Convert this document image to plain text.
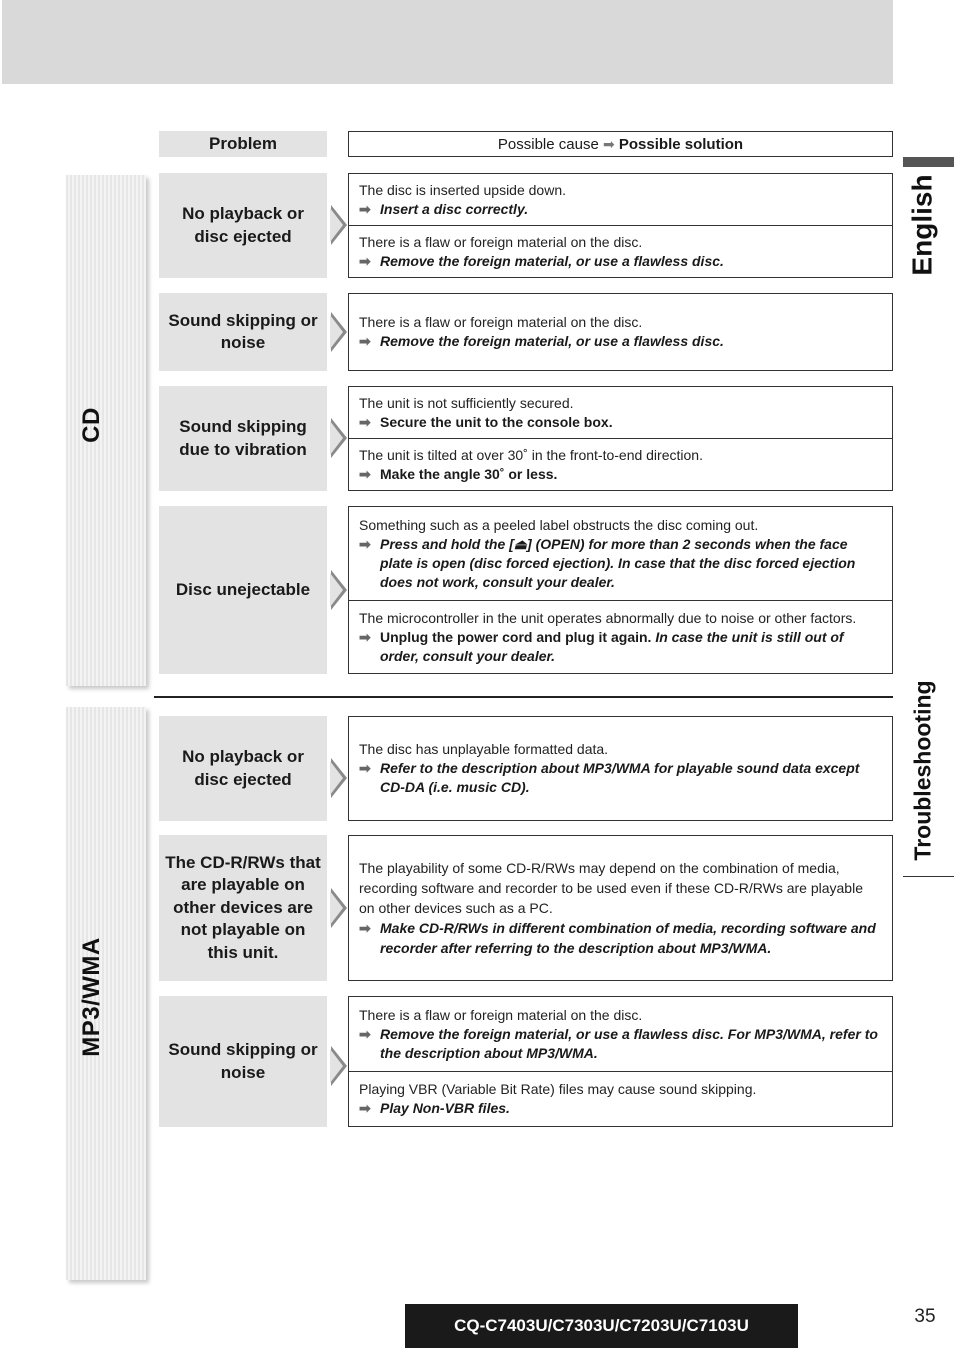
Problem	Possible cause ➡ Possible solution
CD
MP3/WMA
No playback or disc ejected
The disc is inserted upside down.
➡ Insert a disc correctly.
There is a flaw or foreign material on the disc.
➡ Remove the foreign material, or use a flawless disc.
Sound skipping or noise
There is a flaw or foreign material on the disc.
➡ Remove the foreign material, or use a flawless disc.
Sound skipping due to vibration
The unit is not sufficiently secured.
➡ Secure the unit to the console box.
The unit is tilted at over 30˚ in the front-to-end direction.
➡ Make the angle 30˚ or less.
Disc unejectable
Something such as a peeled label obstructs the disc coming out.
➡ Press and hold the [⏏] (OPEN) for more than 2 seconds when the face plate is open (disc forced ejection). In case that the disc forced ejection does not work, consult your dealer.
The microcontroller in the unit operates abnormally due to noise or other factors.
➡ Unplug the power cord and plug it again. In case the unit is still out of order, consult your dealer.
No playback or disc ejected
The disc has unplayable formatted data.
➡ Refer to the description about MP3/WMA for playable sound data except CD-DA (i.e. music CD).
The CD-R/RWs that are playable on other devices are not playable on this unit.
The playability of some CD-R/RWs may depend on the combination of media, recording software and recorder to be used even if these CD-R/RWs are playable on other devices such as a PC.
➡ Make CD-R/RWs in different combination of media, recording software and recorder after referring to the description about MP3/WMA.
Sound skipping or noise
There is a flaw or foreign material on the disc.
➡ Remove the foreign material, or use a flawless disc. For MP3/WMA, refer to the description about MP3/WMA.
Playing VBR (Variable Bit Rate) files may cause sound skipping.
➡ Play Non-VBR files.
English
Troubleshooting
CQ-C7403U/C7303U/C7203U/C7103U	35
